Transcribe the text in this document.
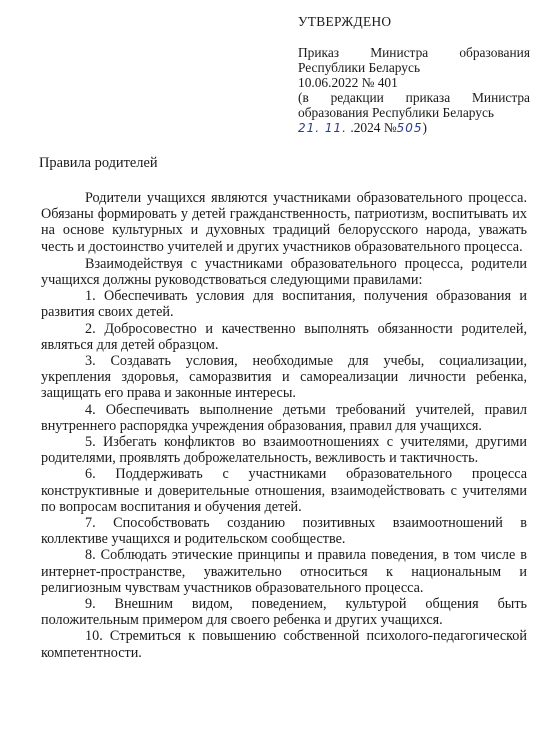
УТВЕРЖДЕНО
Приказ Министра образования
Республики Беларусь
10.06.2022 № 401
(в редакции приказа Министра
образования Республики Беларусь
21. 11. .2024 №505)
Правила родителей

Родители учащихся являются участниками образовательного процесса. Обязаны формировать у детей гражданственность, патриотизм, воспитывать их на основе культурных и духовных традиций белорусского народа, уважать честь и достоинство учителей и других участников образовательного процесса.

Взаимодействуя с участниками образовательного процесса, родители учащихся должны руководствоваться следующими правилами:

1. Обеспечивать условия для воспитания, получения образования и развития своих детей.

2. Добросовестно и качественно выполнять обязанности родителей, являться для детей образцом.

3. Создавать условия, необходимые для учебы, социализации, укрепления здоровья, саморазвития и самореализации личности ребенка, защищать его права и законные интересы.

4. Обеспечивать выполнение детьми требований учителей, правил внутреннего распорядка учреждения образования, правил для учащихся.

5. Избегать конфликтов во взаимоотношениях с учителями, другими родителями, проявлять доброжелательность, вежливость и тактичность.

6. Поддерживать с участниками образовательного процесса конструктивные и доверительные отношения, взаимодействовать с учителями по вопросам воспитания и обучения детей.

7. Способствовать созданию позитивных взаимоотношений в коллективе учащихся и родительском сообществе.

8. Соблюдать этические принципы и правила поведения, в том числе в интернет-пространстве, уважительно относиться к национальным и религиозным чувствам участников образовательного процесса.

9. Внешним видом, поведением, культурой общения быть положительным примером для своего ребенка и других учащихся.

10. Стремиться к повышению собственной психолого-педагогической компетентности.
